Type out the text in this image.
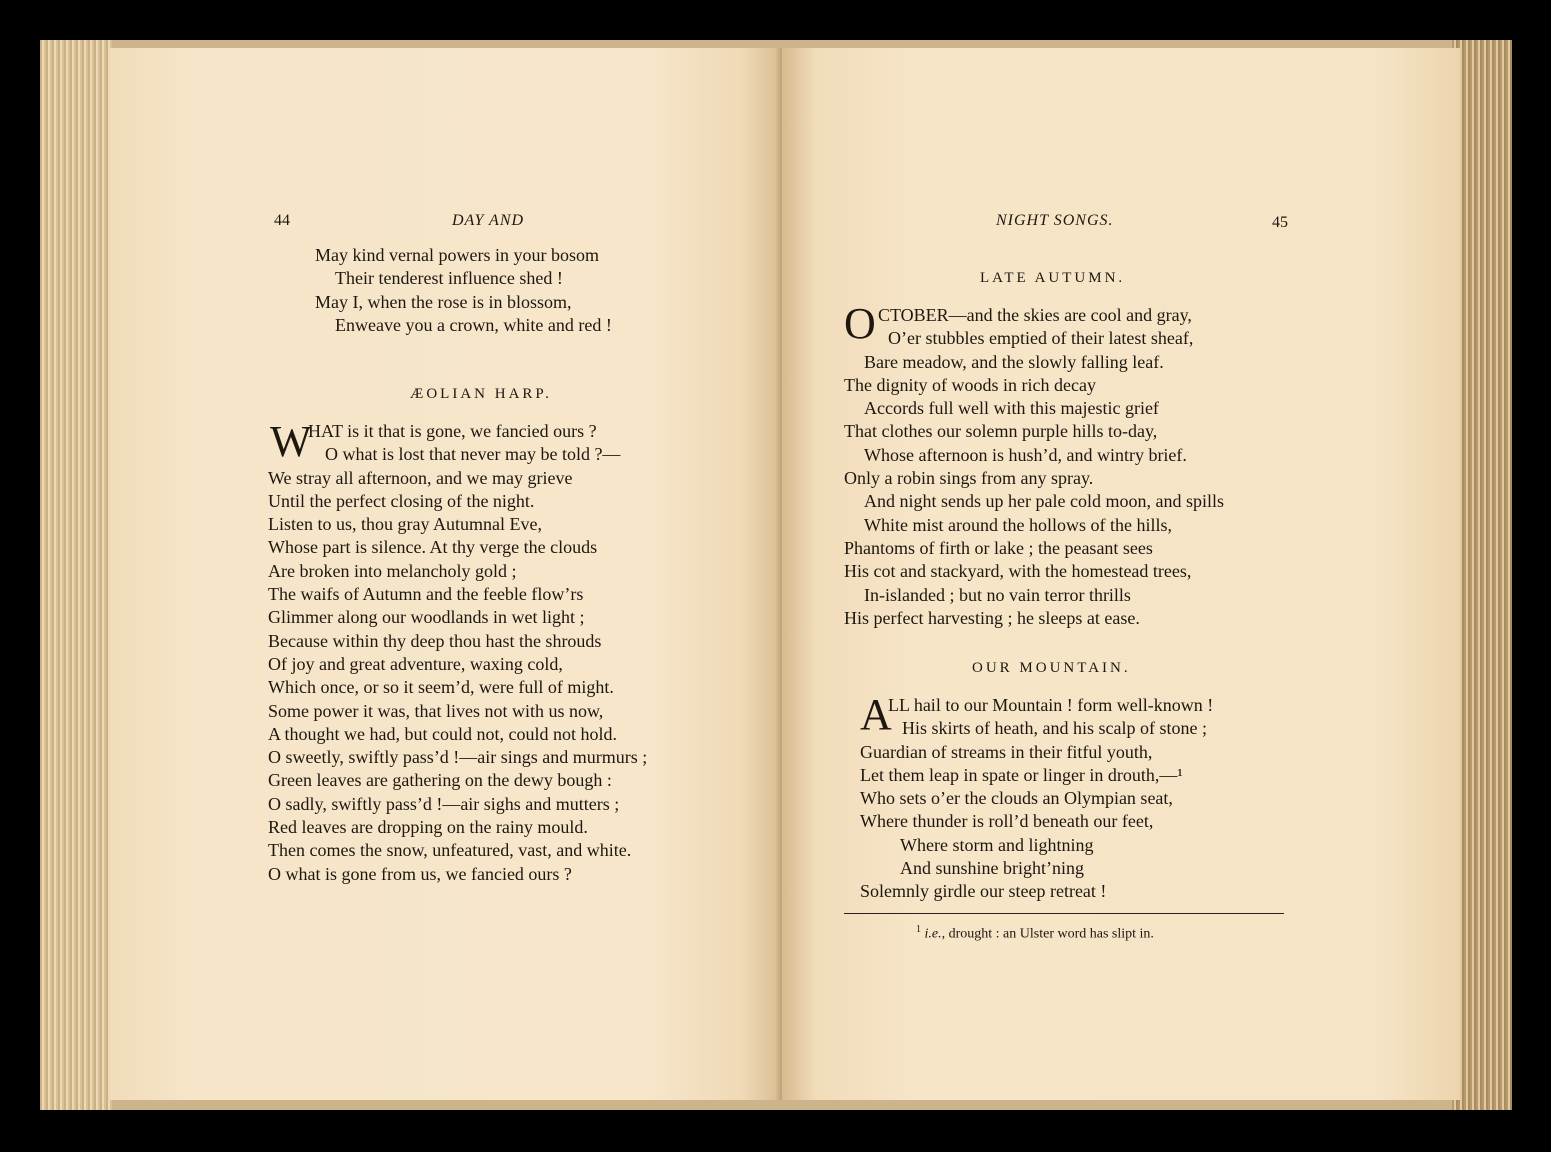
44	DAY AND
May kind vernal powers in your bosom
Their tenderest influence shed !
May I, when the rose is in blossom,
Enweave you a crown, white and red !
ÆOLIAN HARP.
W
HAT is it that is gone, we fancied ours ?
O what is lost that never may be told ?—
We stray all afternoon, and we may grieve
Until the perfect closing of the night.
Listen to us, thou gray Autumnal Eve,
Whose part is silence. At thy verge the clouds
Are broken into melancholy gold ;
The waifs of Autumn and the feeble flow’rs
Glimmer along our woodlands in wet light ;
Because within thy deep thou hast the shrouds
Of joy and great adventure, waxing cold,
Which once, or so it seem’d, were full of might.
Some power it was, that lives not with us now,
A thought we had, but could not, could not hold.
O sweetly, swiftly pass’d !—air sings and murmurs ;
Green leaves are gathering on the dewy bough :
O sadly, swiftly pass’d !—air sighs and mutters ;
Red leaves are dropping on the rainy mould.
Then comes the snow, unfeatured, vast, and white.
O what is gone from us, we fancied ours ?
NIGHT SONGS.	45
LATE AUTUMN.
O CTOBER—and the skies are cool and gray,
O’er stubbles emptied of their latest sheaf,
Bare meadow, and the slowly falling leaf.
The dignity of woods in rich decay
Accords full well with this majestic grief
That clothes our solemn purple hills to-day,
Whose afternoon is hush’d, and wintry brief.
Only a robin sings from any spray.
And night sends up her pale cold moon, and spills
White mist around the hollows of the hills,
Phantoms of firth or lake ; the peasant sees
His cot and stackyard, with the homestead trees,
In-islanded ; but no vain terror thrills
His perfect harvesting ; he sleeps at ease.
OUR MOUNTAIN.
A
LL hail to our Mountain ! form well-known !
His skirts of heath, and his scalp of stone ;
Guardian of streams in their fitful youth,
Let them leap in spate or linger in drouth,—¹
Who sets o’er the clouds an Olympian seat,
Where thunder is roll’d beneath our feet,
Where storm and lightning
And sunshine bright’ning
Solemnly girdle our steep retreat !
$^1$ i.e., drought : an Ulster word has slipt in.
